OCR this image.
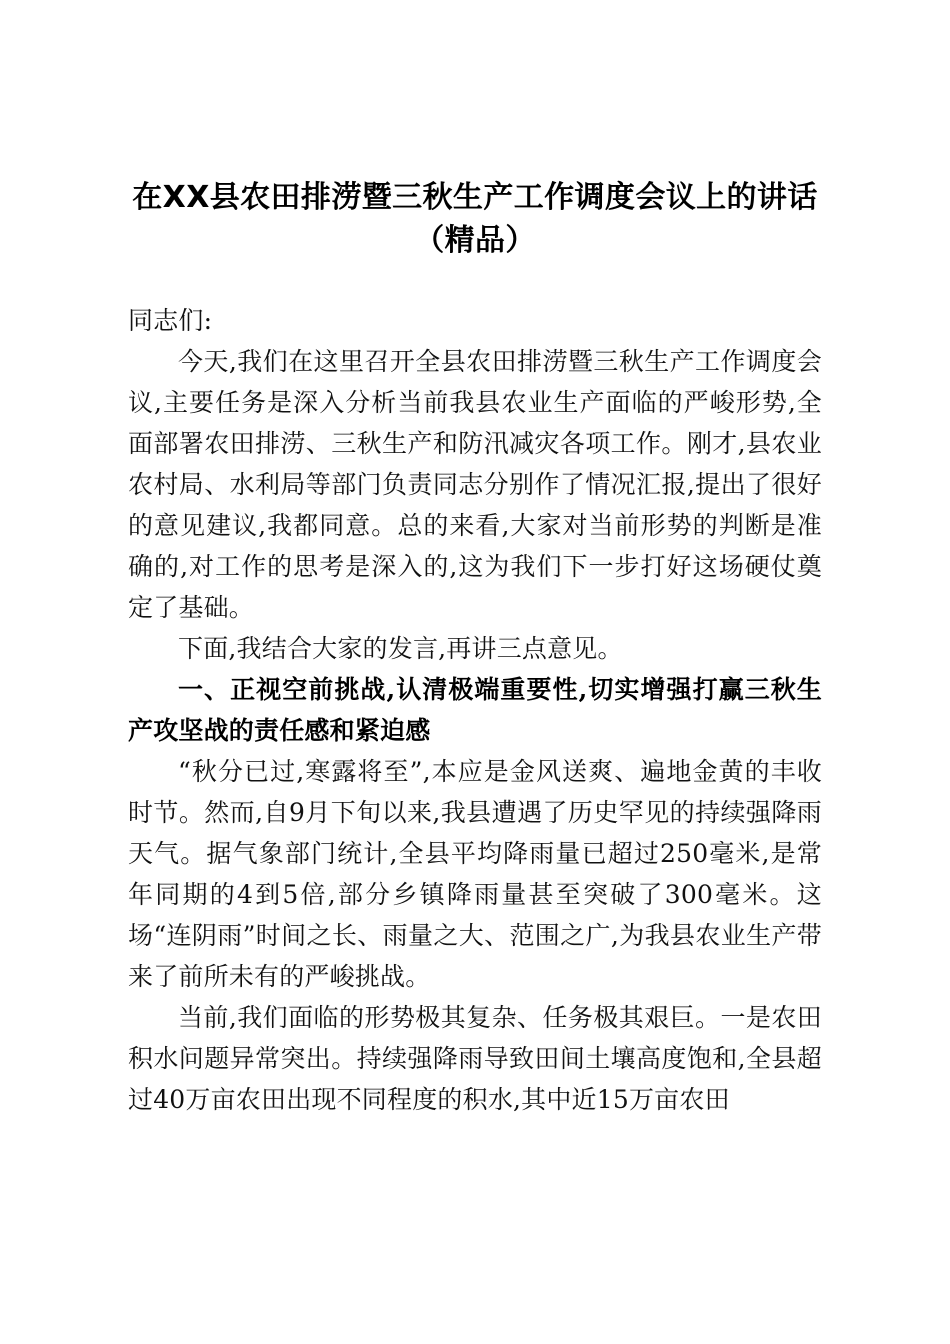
在XX县农田排涝暨三秋生产工作调度会议上的讲话（精品）

同志们:

今天,我们在这里召开全县农田排涝暨三秋生产工作调度会议,主要任务是深入分析当前我县农业生产面临的严峻形势,全面部署农田排涝、三秋生产和防汛减灾各项工作。刚才,县农业农村局、水利局等部门负责同志分别作了情况汇报,提出了很好的意见建议,我都同意。总的来看,大家对当前形势的判断是准确的,对工作的思考是深入的,这为我们下一步打好这场硬仗奠定了基础。

下面,我结合大家的发言,再讲三点意见。

一、正视空前挑战,认清极端重要性,切实增强打赢三秋生产攻坚战的责任感和紧迫感

“秋分已过,寒露将至”,本应是金风送爽、遍地金黄的丰收时节。然而,自9月下旬以来,我县遭遇了历史罕见的持续强降雨天气。据气象部门统计,全县平均降雨量已超过250毫米,是常年同期的4到5倍,部分乡镇降雨量甚至突破了300毫米。这场“连阴雨”时间之长、雨量之大、范围之广,为我县农业生产带来了前所未有的严峻挑战。

当前,我们面临的形势极其复杂、任务极其艰巨。一是农田积水问题异常突出。持续强降雨导致田间土壤高度饱和,全县超过40万亩农田出现不同程度的积水,其中近15万亩农田
